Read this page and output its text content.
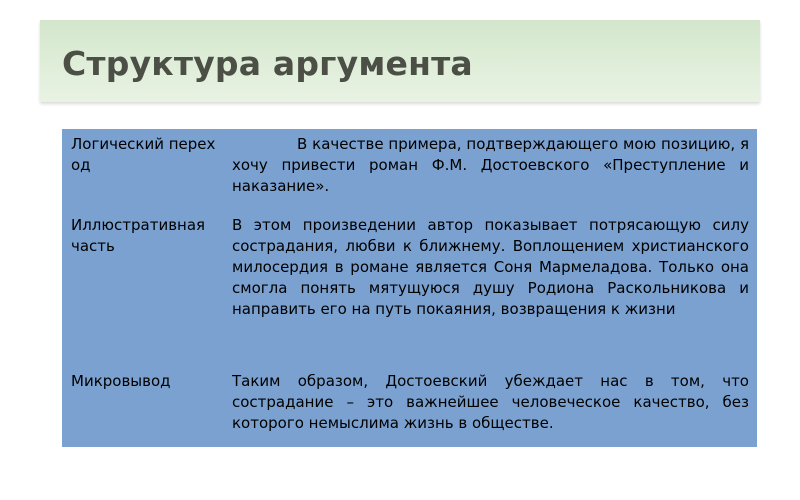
Структура аргумента
Логический переход
В качестве примера, подтверждающего мою позицию, я хочу привести роман Ф.М. Достоевского «Преступление и наказание».
Иллюстративная часть
В этом произведении автор показывает потрясающую силу сострадания, любви к ближнему. Воплощением христианского милосердия в романе является Соня Мармеладова. Только она смогла понять мятущуюся душу Родиона Раскольникова и направить его на путь покаяния, возвращения к жизни
Микровывод	Таким образом, Достоевский убеждает нас в том, что сострадание – это важнейшее человеческое качество, без которого немыслима жизнь в обществе.
